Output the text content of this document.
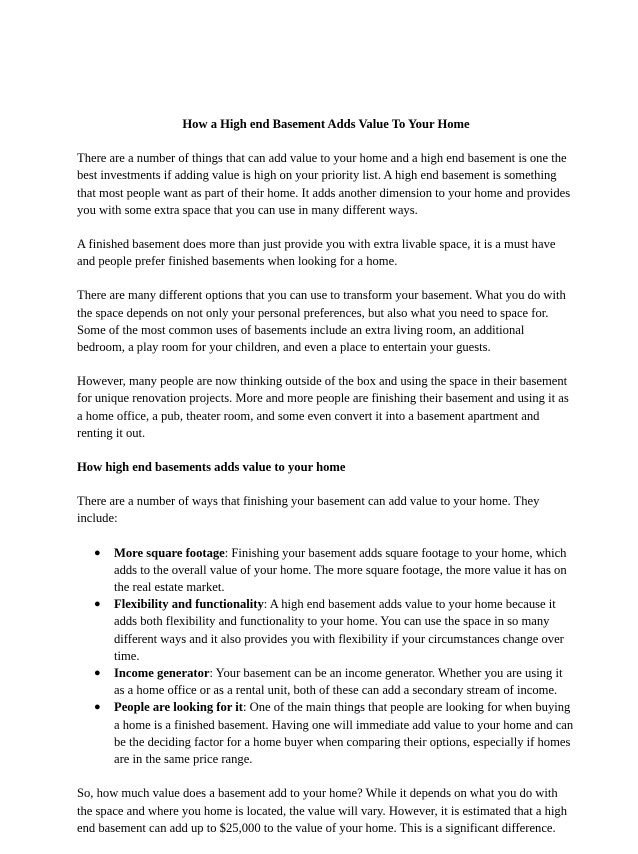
How a High end Basement Adds Value To Your Home

There are a number of things that can add value to your home and a high end basement is one the best investments if adding value is high on your priority list. A high end basement is something that most people want as part of their home. It adds another dimension to your home and provides you with some extra space that you can use in many different ways.

A finished basement does more than just provide you with extra livable space, it is a must have and people prefer finished basements when looking for a home.

There are many different options that you can use to transform your basement. What you do with the space depends on not only your personal preferences, but also what you need to space for. Some of the most common uses of basements include an extra living room, an additional bedroom, a play room for your children, and even a place to entertain your guests.

However, many people are now thinking outside of the box and using the space in their basement for unique renovation projects. More and more people are finishing their basement and using it as a home office, a pub, theater room, and some even convert it into a basement apartment and renting it out.

How high end basements adds value to your home

There are a number of ways that finishing your basement can add value to your home. They include:

●	More square footage: Finishing your basement adds square footage to your home, which adds to the overall value of your home. The more square footage, the more value it has on the real estate market.
●	Flexibility and functionality: A high end basement adds value to your home because it adds both flexibility and functionality to your home. You can use the space in so many different ways and it also provides you with flexibility if your circumstances change over time.
●	Income generator: Your basement can be an income generator. Whether you are using it as a home office or as a rental unit, both of these can add a secondary stream of income.
●	People are looking for it: One of the main things that people are looking for when buying a home is a finished basement. Having one will immediate add value to your home and can be the deciding factor for a home buyer when comparing their options, especially if homes are in the same price range.

So, how much value does a basement add to your home? While it depends on what you do with the space and where you home is located, the value will vary. However, it is estimated that a high end basement can add up to $25,000 to the value of your home. This is a significant difference.
